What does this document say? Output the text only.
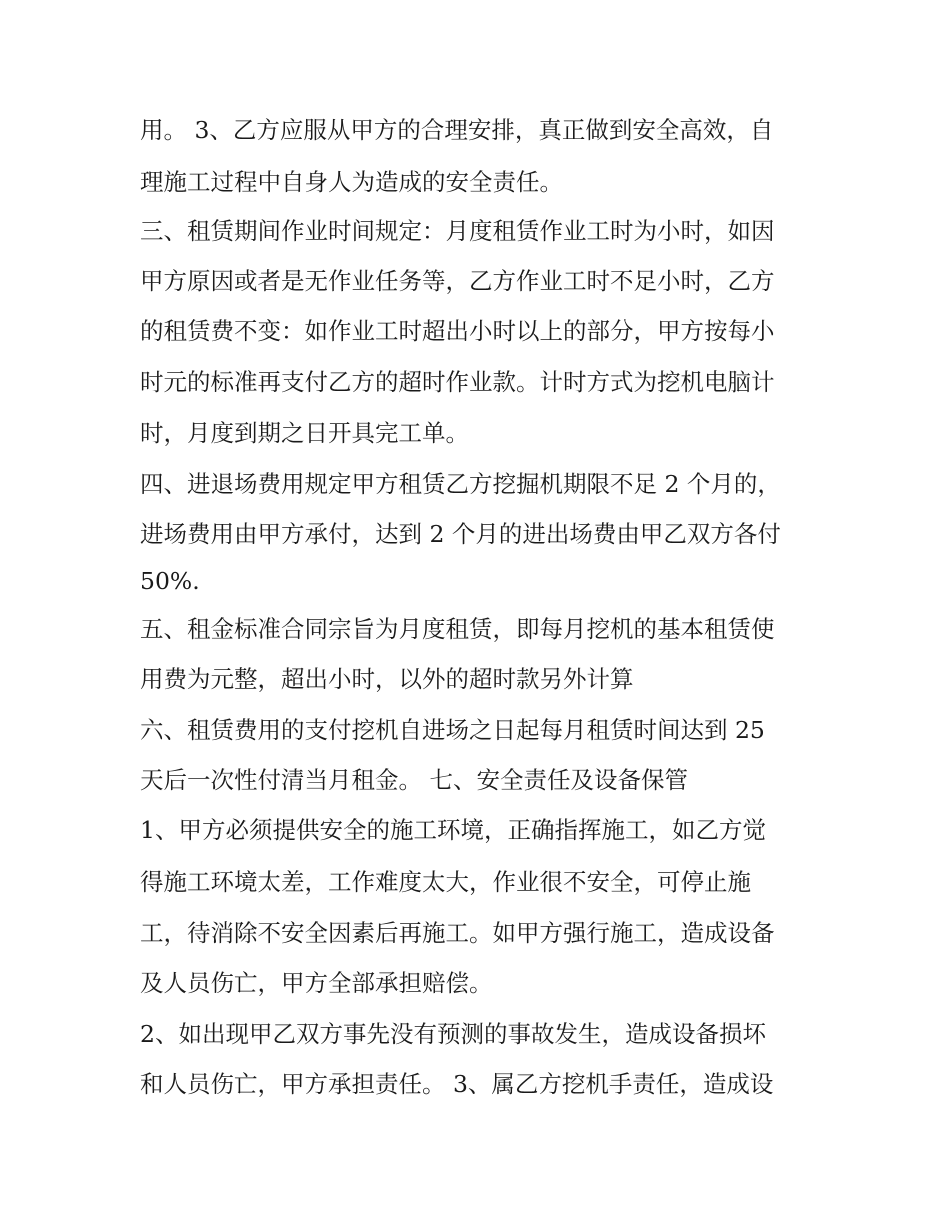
用。 3、乙方应服从甲方的合理安排，真正做到安全高效，自
理施工过程中自身人为造成的安全责任。
三、租赁期间作业时间规定：月度租赁作业工时为小时，如因
甲方原因或者是无作业任务等，乙方作业工时不足小时，乙方
的租赁费不变：如作业工时超出小时以上的部分，甲方按每小
时元的标准再支付乙方的超时作业款。计时方式为挖机电脑计
时，月度到期之日开具完工单。
四、进退场费用规定甲方租赁乙方挖掘机期限不足 2 个月的，
进场费用由甲方承付，达到 2 个月的进出场费由甲乙双方各付
50%.
五、租金标准合同宗旨为月度租赁，即每月挖机的基本租赁使
用费为元整，超出小时，以外的超时款另外计算
六、租赁费用的支付挖机自进场之日起每月租赁时间达到 25
天后一次性付清当月租金。 七、安全责任及设备保管
1、甲方必须提供安全的施工环境，正确指挥施工，如乙方觉
得施工环境太差，工作难度太大，作业很不安全，可停止施
工，待消除不安全因素后再施工。如甲方强行施工，造成设备
及人员伤亡，甲方全部承担赔偿。
2、如出现甲乙双方事先没有预测的事故发生，造成设备损坏
和人员伤亡，甲方承担责任。 3、属乙方挖机手责任，造成设
